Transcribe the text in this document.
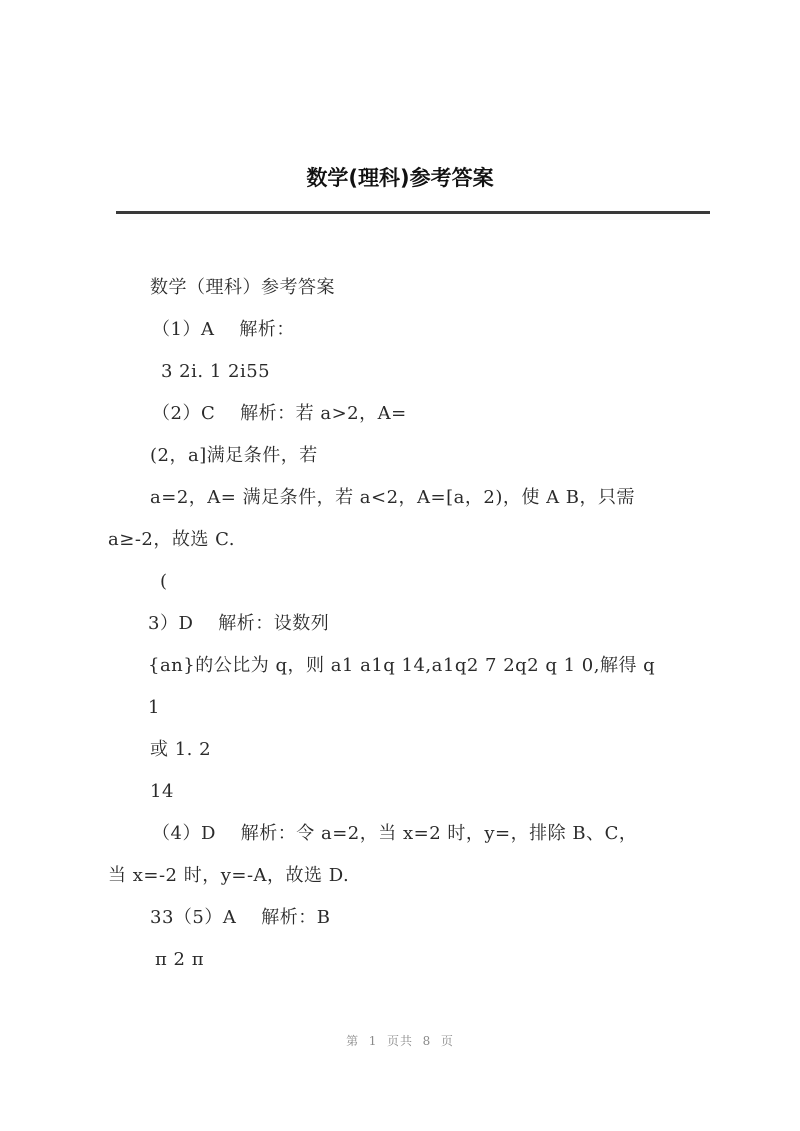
数学(理科)参考答案
数学（理科）参考答案
（1）A    解析：
3 2i. 1 2i55
（2）C    解析：若 a>2，A=
(2，a]满足条件，若
a=2，A= 满足条件，若 a<2，A=[a，2)，使 A B，只需
a≥-2，故选 C.
(
3）D    解析：设数列
{an}的公比为 q，则 a1 a1q 14,a1q2 7 2q2 q 1 0,解得 q
1
或 1. 2
14
（4）D    解析：令 a=2，当 x=2 时，y=，排除 B、C，
当 x=-2 时，y=-A，故选 D.
33（5）A    解析：B
π 2 π
第  1  页共  8  页
